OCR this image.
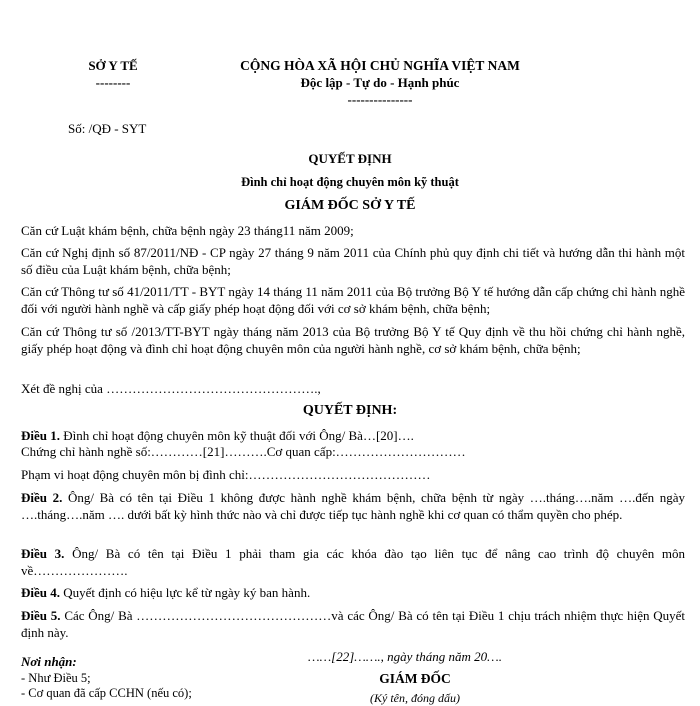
SỞ Y TẾ
--------
CỘNG HÒA XÃ HỘI CHỦ NGHĨA VIỆT NAM
Độc lập - Tự do - Hạnh phúc
---------------
Số: /QĐ - SYT
QUYẾT ĐỊNH
Đình chỉ hoạt động chuyên môn kỹ thuật
GIÁM ĐỐC SỞ Y TẾ
Căn cứ Luật khám bệnh, chữa bệnh ngày 23 tháng11 năm 2009;
Căn cứ Nghị định số 87/2011/NĐ - CP ngày 27 tháng 9 năm 2011 của Chính phủ quy định chi tiết và hướng dẫn thi hành một số điều của Luật khám bệnh, chữa bệnh;
Căn cứ Thông tư số 41/2011/TT - BYT ngày 14 tháng 11 năm 2011 của Bộ trưởng Bộ Y tế hướng dẫn cấp chứng chỉ hành nghề đối với người hành nghề và cấp giấy phép hoạt động đối với cơ sở khám bệnh, chữa bệnh;
Căn cứ Thông tư số /2013/TT-BYT ngày tháng năm 2013 của Bộ trưởng Bộ Y tế Quy định về thu hồi chứng chỉ hành nghề, giấy phép hoạt động và đình chỉ hoạt động chuyên môn của người hành nghề, cơ sở khám bệnh, chữa bệnh;
Xét đề nghị của ………………………………………….,
QUYẾT ĐỊNH:
Điều 1. Đình chỉ hoạt động chuyên môn kỹ thuật đối với Ông/ Bà…[20]….
Chứng chỉ hành nghề số:…………[21]……….Cơ quan cấp:…………………………
Phạm vi hoạt động chuyên môn bị đình chỉ:……………………………………
Điều 2. Ông/ Bà có tên tại Điều 1 không được hành nghề khám bệnh, chữa bệnh từ ngày ….tháng….năm ….đến ngày ….tháng….năm …. dưới bất kỳ hình thức nào và chỉ được tiếp tục hành nghề khi cơ quan có thẩm quyền cho phép.
Điều 3. Ông/ Bà có tên tại Điều 1 phải tham gia các khóa đào tạo liên tục để nâng cao trình độ chuyên môn về………………….
Điều 4. Quyết định có hiệu lực kể từ ngày ký ban hành.
Điều 5. Các Ông/ Bà ………………………………………và các Ông/ Bà có tên tại Điều 1 chịu trách nhiệm thực hiện Quyết định này.
Nơi nhận:
- Như Điều 5;
- Cơ quan đã cấp CCHN (nếu có);
……[22]……., ngày tháng năm 20….
GIÁM ĐỐC
(Ký tên, đóng dấu)
